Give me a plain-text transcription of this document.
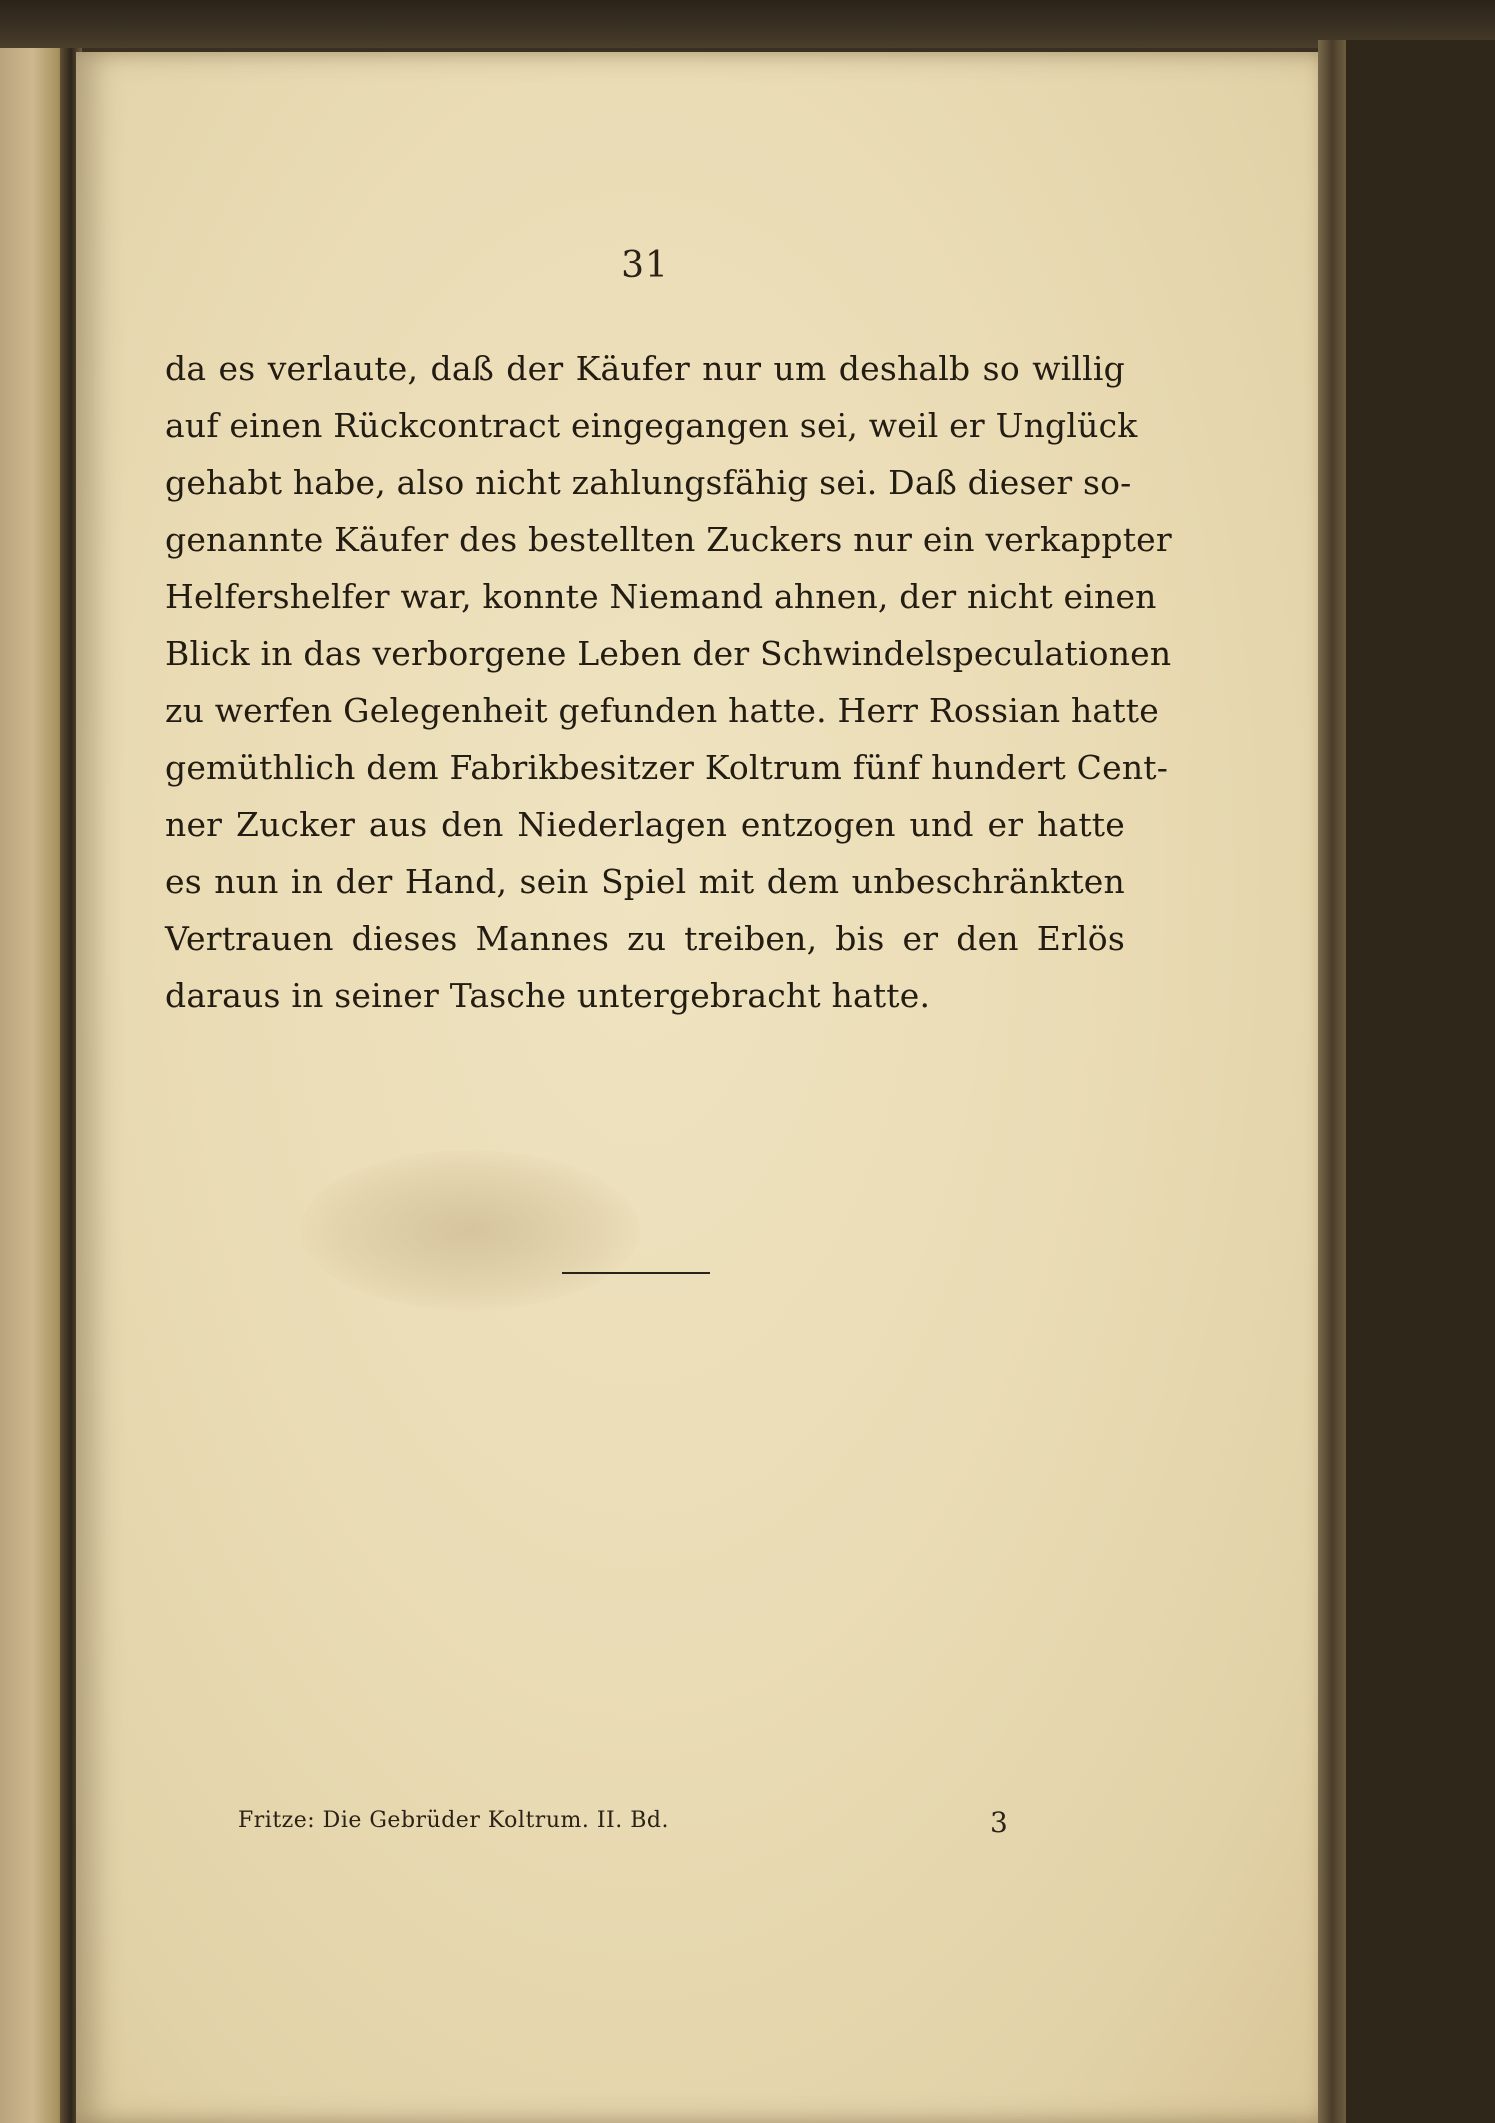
31
da es verlaute, daß der Käufer nur um deshalb so willig
auf einen Rückcontract eingegangen sei, weil er Unglück
gehabt habe, also nicht zahlungsfähig sei. Daß dieser so-
genannte Käufer des bestellten Zuckers nur ein verkappter
Helfershelfer war, konnte Niemand ahnen, der nicht einen
Blick in das verborgene Leben der Schwindelspeculationen
zu werfen Gelegenheit gefunden hatte. Herr Rossian hatte
gemüthlich dem Fabrikbesitzer Koltrum fünf hundert Cent-
ner Zucker aus den Niederlagen entzogen und er hatte
es nun in der Hand, sein Spiel mit dem unbeschränkten
Vertrauen dieses Mannes zu treiben, bis er den Erlös
daraus in seiner Tasche untergebracht hatte.
Fritze: Die Gebrüder Koltrum. II. Bd.	3
